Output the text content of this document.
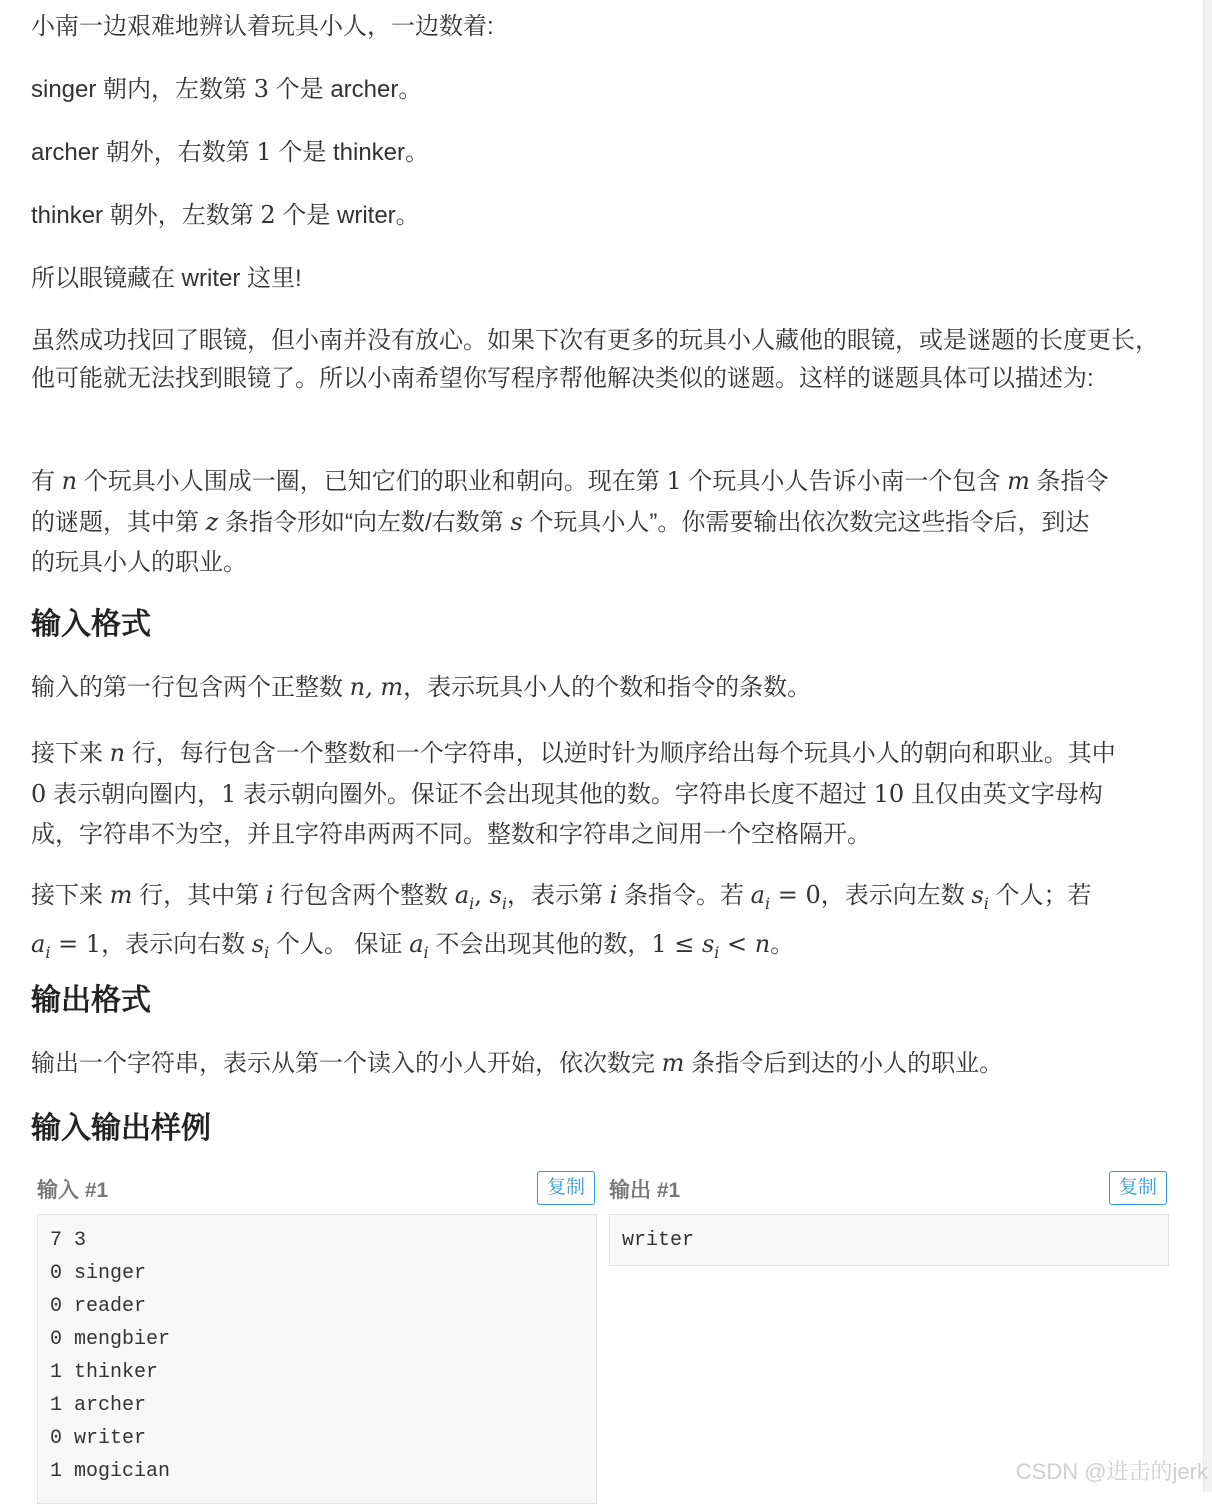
小南一边艰难地辨认着玩具小人，一边数着:

singer 朝内，左数第 3 个是 archer。

archer 朝外，右数第 1 个是 thinker。

thinker 朝外，左数第 2 个是 writer。

所以眼镜藏在 writer 这里!

虽然成功找回了眼镜，但小南并没有放心。如果下次有更多的玩具小人藏他的眼镜，或是谜题的长度更长，他可能就无法找到眼镜了。所以小南希望你写程序帮他解决类似的谜题。这样的谜题具体可以描述为:

有 n 个玩具小人围成一圈，已知它们的职业和朝向。现在第 1 个玩具小人告诉小南一个包含 m 条指令
的谜题，其中第 z 条指令形如“向左数/右数第 s 个玩具小人”。你需要输出依次数完这些指令后，到达
的玩具小人的职业。

输入格式

输入的第一行包含两个正整数 n, m，表示玩具小人的个数和指令的条数。

接下来 n 行，每行包含一个整数和一个字符串，以逆时针为顺序给出每个玩具小人的朝向和职业。其中
0 表示朝向圈内，1 表示朝向圈外。保证不会出现其他的数。字符串长度不超过 10 且仅由英文字母构
成，字符串不为空，并且字符串两两不同。整数和字符串之间用一个空格隔开。

接下来 m 行，其中第 i 行包含两个整数 $a_i$, $s_i$，表示第 i 条指令。若 $a_i = 0$，表示向左数 $s_i$ 个人；若
$a_i = 1$，表示向右数 $s_i$ 个人。 保证 $a_i$ 不会出现其他的数，$1 \le s_i < n$。

输出格式

输出一个字符串，表示从第一个读入的小人开始，依次数完 m 条指令后到达的小人的职业。

输入输出样例
输入 #1	复制
7 3
0 singer
0 reader
0 mengbier
1 thinker
1 archer
0 writer
1 mogician
输出 #1	复制
writer
CSDN @进击的jerk
